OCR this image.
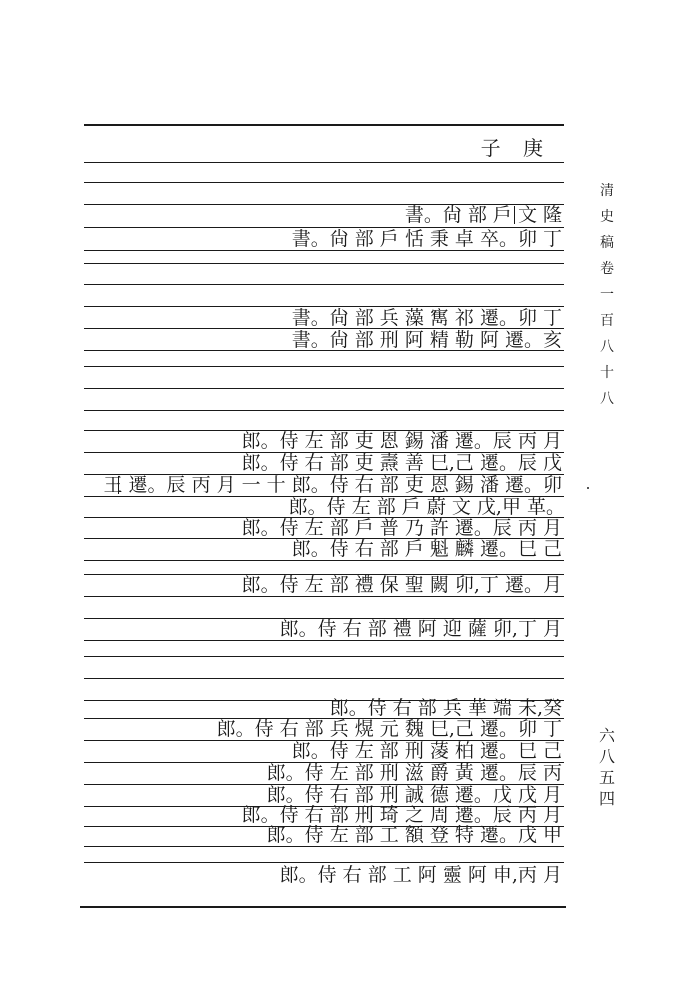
子 庚
書。尙 部 戶 文 隆
書。尙 部 戶 恬 秉 卓 卒。卯 丁
書。尙 部 兵 藻 寯 祁 遷。卯 丁
書。尙 部 刑 阿 精 勒 阿 遷。亥
郎。侍 左 部 吏 恩 錫 潘 遷。辰 丙 月
郎。侍 右 部 吏 燾 善 巳,己 遷。辰 戊
王 遷。辰 丙 月 一 十 郎。侍 右 部 吏 恩 錫 潘 遷。卯
郎。侍 左 部 戶 蔚 文 戊,甲 革。
郎。侍 左 部 戶 普 乃 許 遷。辰 丙 月
郎。侍 右 部 戶 魁 麟 遷。巳 己
郎。侍 左 部 禮 保 聖 闕 卯,丁 遷。月
郎。侍 右 部 禮 阿 迎 薩 卯,丁 月
郎。侍 右 部 兵 華 端 未,癸
郎。侍 右 部 兵 熀 元 魏 巳,己 遷。卯 丁
郎。侍 左 部 刑 蓤 柏 遷。巳 己
郎。侍 左 部 刑 滋 爵 黃 遷。辰 丙
郎。侍 右 部 刑 誠 德 遷。戊 戊 月
郎。侍 右 部 刑 琦 之 周 遷。辰 丙 月
郎。侍 左 部 工 額 登 特 遷。戊 甲
郎。侍 右 部 工 阿 靈 阿 申,丙 月
清史稿卷一百八十八
六八五四
